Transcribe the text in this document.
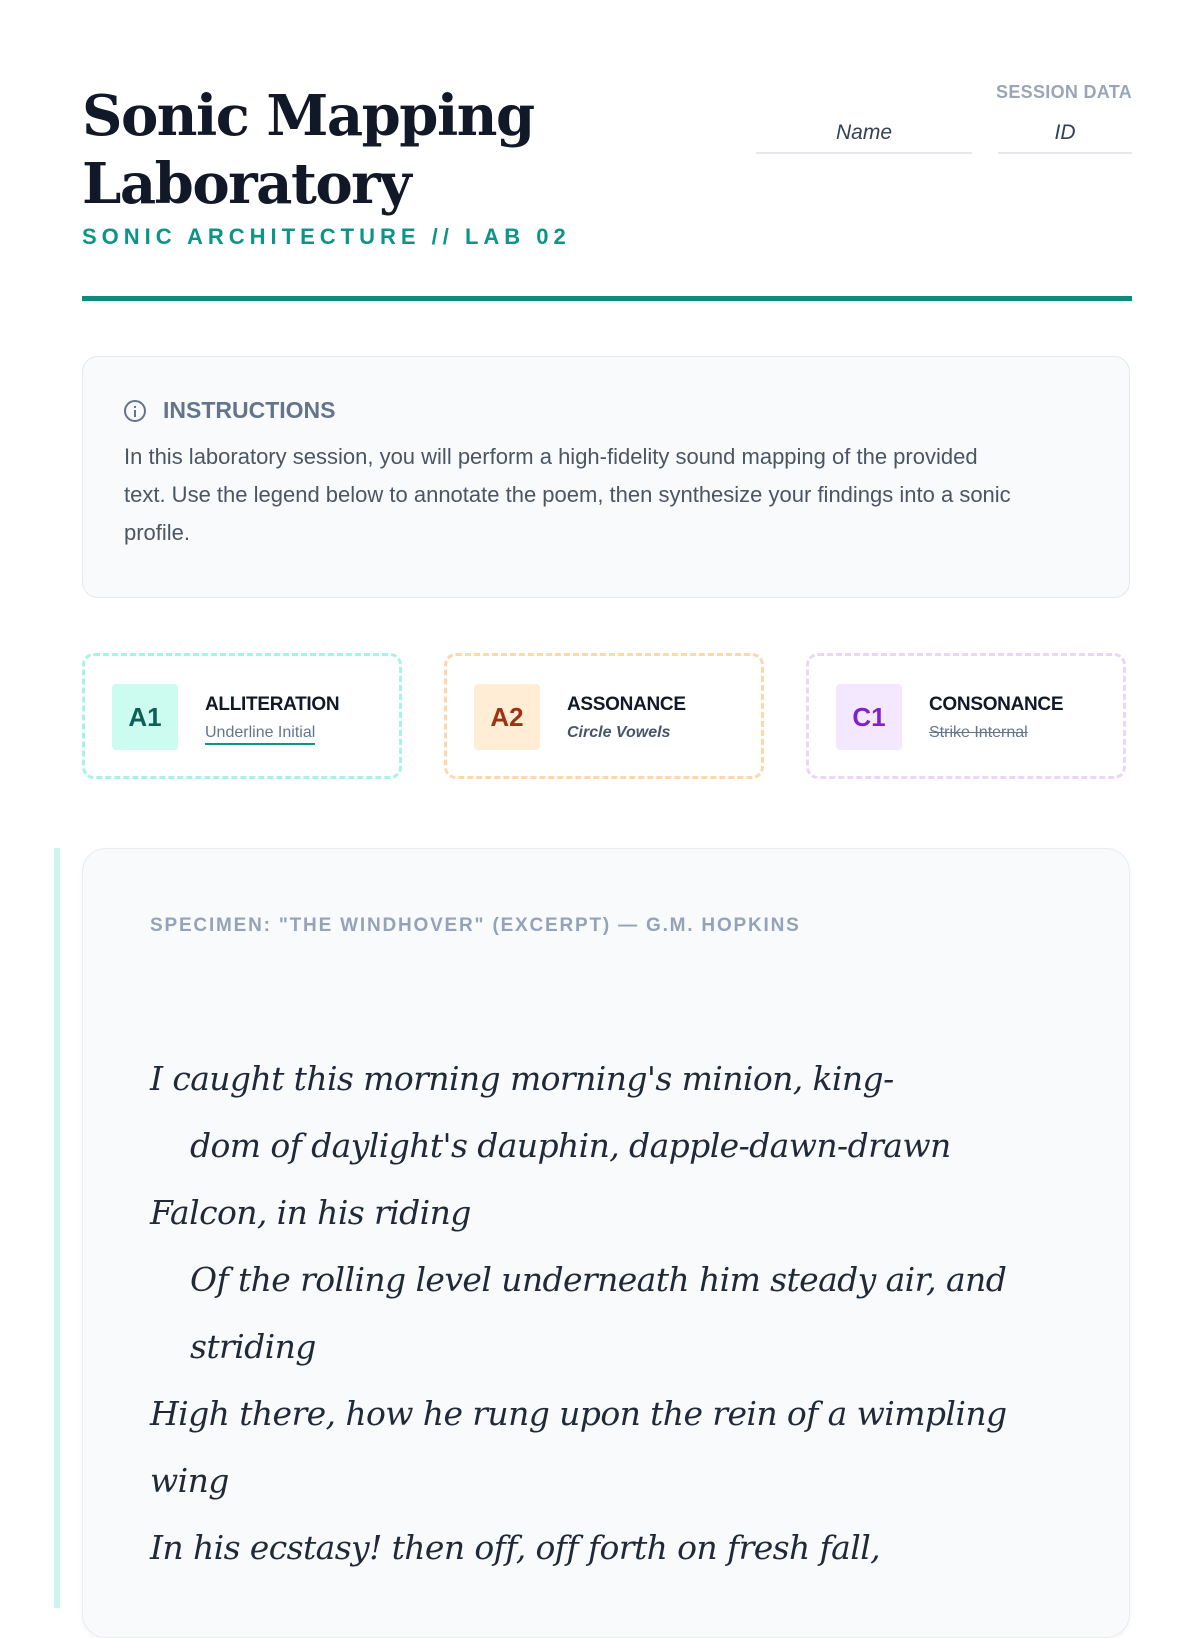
Sonic Mapping Laboratory
SONIC ARCHITECTURE // LAB 02
SESSION DATA
Name	ID
INSTRUCTIONS
In this laboratory session, you will perform a high-fidelity sound mapping of the provided text. Use the legend below to annotate the poem, then synthesize your findings into a sonic profile.
A1	ALLITERATION
Underline Initial
A2	ASSONANCE
Circle Vowels
C1	CONSONANCE
Strike Internal
SPECIMEN: "THE WINDHOVER" (EXCERPT) — G.M. HOPKINS
I caught this morning morning's minion, king-
dom of daylight's dauphin, dapple-dawn-drawn
Falcon, in his riding
Of the rolling level underneath him steady air, and striding
High there, how he rung upon the rein of a wimpling wing
In his ecstasy! then off, off forth on fresh fall,
